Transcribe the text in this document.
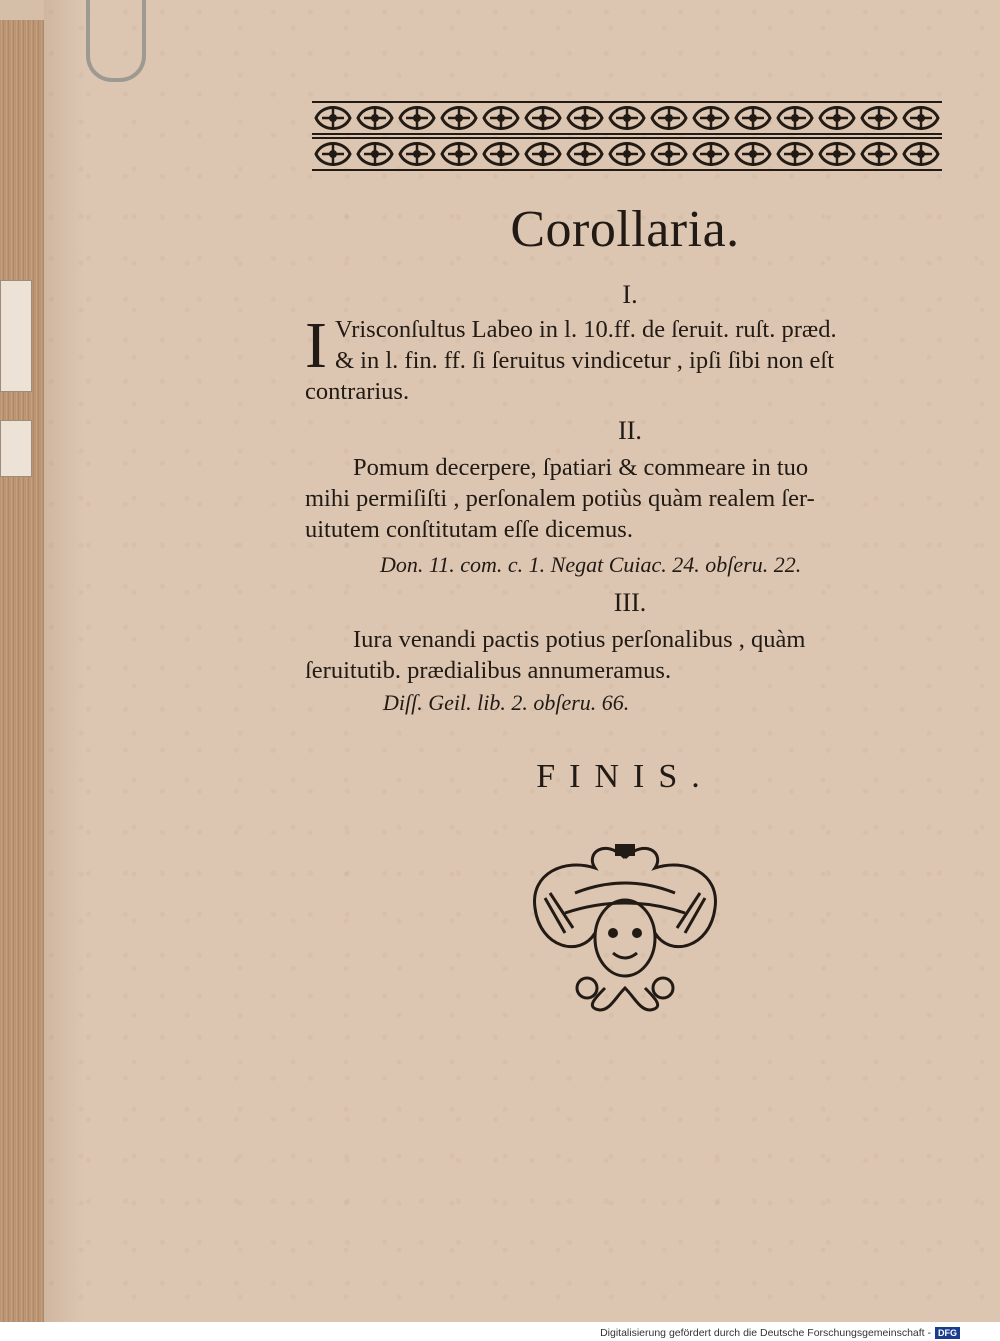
Corollaria.
I.
I Vrisconſultus Labeo in l. 10.ff. de ſeruit. ruſt. præd.
& in l. fin. ff. ſi ſeruitus vindicetur , ipſi ſibi non eſt
contrarius.
II.
Pomum decerpere, ſpatiari & commeare in tuo
mihi permiſiſti , perſonalem potiùs quàm realem ſer-
uitutem conſtitutam eſſe dicemus.
Don. 11. com. c. 1. Negat Cuiac. 24. obſeru. 22.
III.
Iura venandi pactis potius perſonalibus , quàm
ſeruitutib. prædialibus annumeramus.
Diſſ. Geil. lib. 2. obſeru. 66.
FINIS.
Digitalisierung gefördert durch die Deutsche Forschungsgemeinschaft - DFG
